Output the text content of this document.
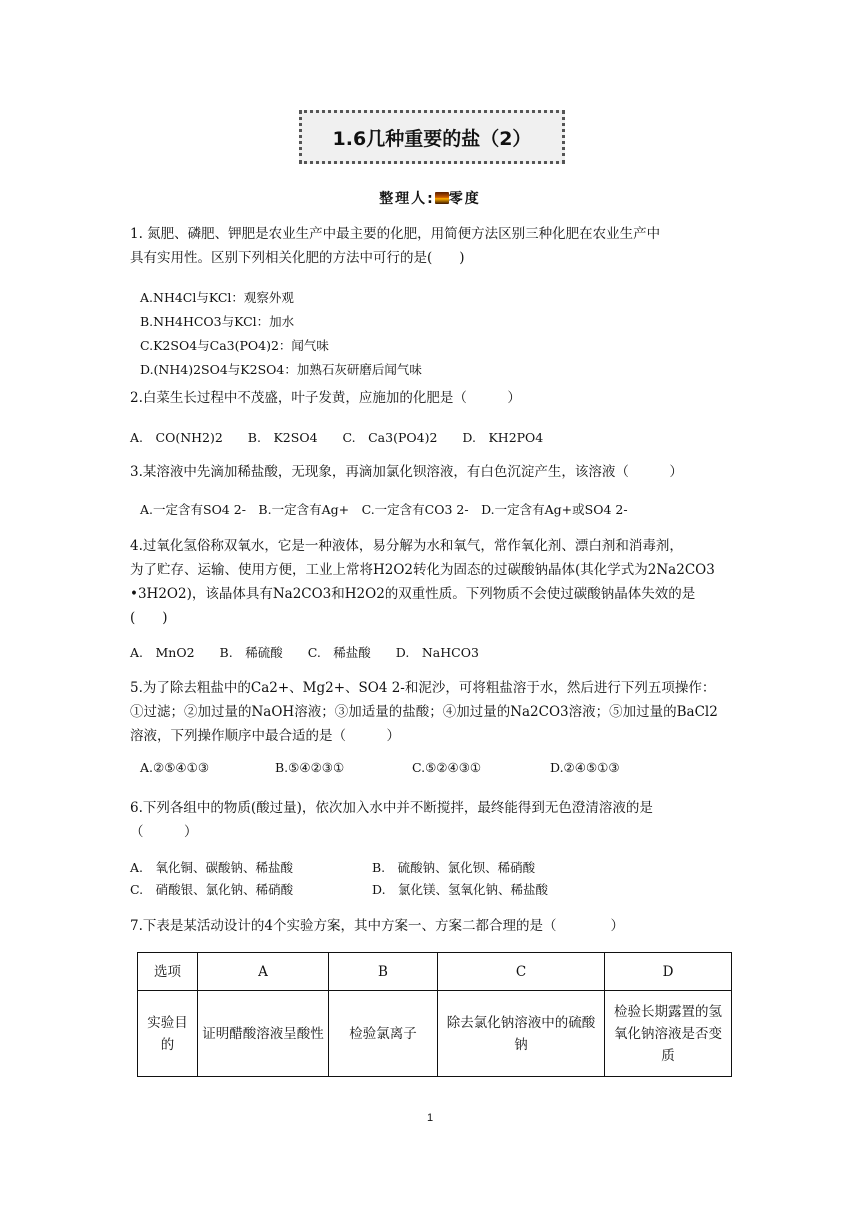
1.6几种重要的盐（2）
整理人: 零度
1. 氮肥、磷肥、钾肥是农业生产中最主要的化肥，用简便方法区别三种化肥在农业生产中
具有实用性。区别下列相关化肥的方法中可行的是(　　)
A.NH4Cl与KCl：观察外观
B.NH4HCO3与KCl：加水
C.K2SO4与Ca3(PO4)2：闻气味
D.(NH4)2SO4与K2SO4：加熟石灰研磨后闻气味
2.白菜生长过程中不茂盛，叶子发黄，应施加的化肥是（　　　）
A.　CO(NH2)2　　B.　K2SO4　　C.　Ca3(PO4)2　　D.　KH2PO4
3.某溶液中先滴加稀盐酸，无现象，再滴加氯化钡溶液，有白色沉淀产生，该溶液（　　　）
A.一定含有SO4 2-　B.一定含有Ag+　C.一定含有CO3 2-　D.一定含有Ag+或SO4 2-
4.过氧化氢俗称双氧水，它是一种液体，易分解为水和氧气，常作氧化剂、漂白剂和消毒剂，
为了贮存、运输、使用方便，工业上常将H2O2转化为固态的过碳酸钠晶体(其化学式为2Na2CO3
•3H2O2)，该晶体具有Na2CO3和H2O2的双重性质。下列物质不会使过碳酸钠晶体失效的是
(　　)
A.　MnO2　　B.　稀硫酸　　C.　稀盐酸　　D.　NaHCO3
5.为了除去粗盐中的Ca2+、Mg2+、SO4 2-和泥沙，可将粗盐溶于水，然后进行下列五项操作：
①过滤；②加过量的NaOH溶液；③加适量的盐酸；④加过量的Na2CO3溶液；⑤加过量的BaCl2
溶液，下列操作顺序中最合适的是（　　　）
A.②⑤④①③	B.⑤④②③①	C.⑤②④③①	D.②④⑤①③
6.下列各组中的物质(酸过量)，依次加入水中并不断搅拌，最终能得到无色澄清溶液的是
（　　　）
A.　氧化铜、碳酸钠、稀盐酸	B.　硫酸钠、氯化钡、稀硝酸
C.　硝酸银、氯化钠、稀硝酸	D.　氯化镁、氢氧化钠、稀盐酸
7.下表是某活动设计的4个实验方案，其中方案一、方案二都合理的是（　　　　）
选项	A	B	C	D
实验目的	证明醋酸溶液呈酸性	检验氯离子	除去氯化钠溶液中的硫酸钠	检验长期露置的氢氧化钠溶液是否变质
1
